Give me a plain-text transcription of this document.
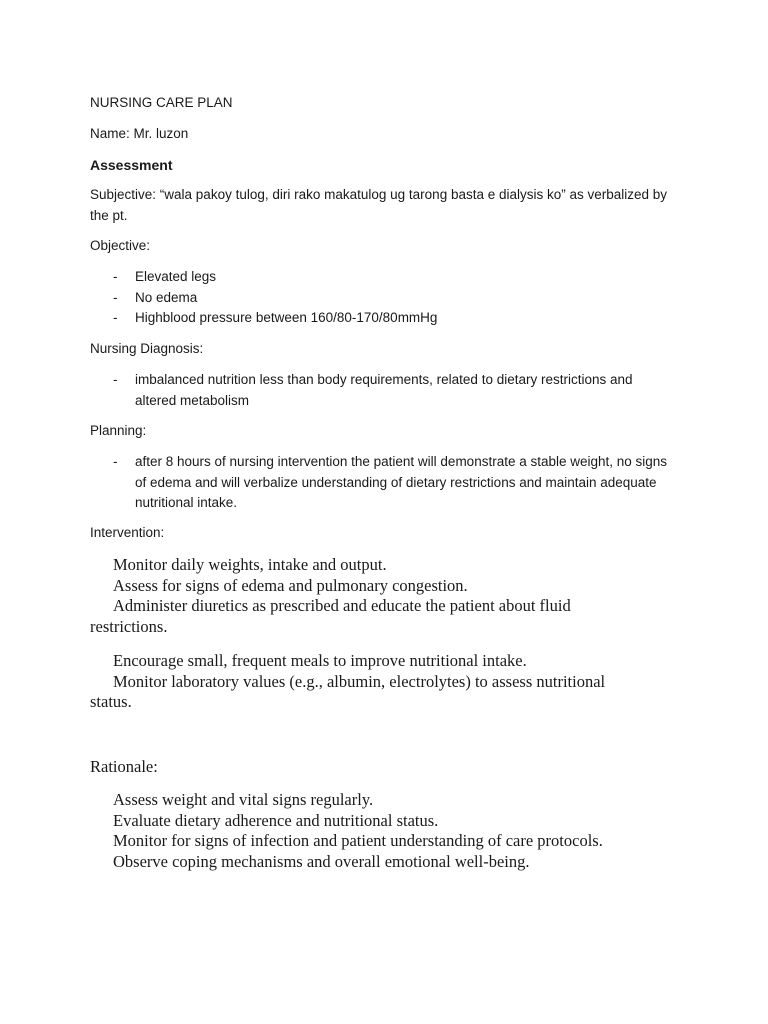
NURSING CARE PLAN

Name: Mr. luzon

Assessment

Subjective: “wala pakoy tulog, diri rako makatulog ug tarong basta e dialysis ko” as verbalized by the pt.

Objective:

- Elevated legs
- No edema
- Highblood pressure between 160/80-170/80mmHg

Nursing Diagnosis:

- imbalanced nutrition less than body requirements, related to dietary restrictions and altered metabolism

Planning:

- after 8 hours of nursing intervention the patient will demonstrate a stable weight, no signs of edema and will verbalize understanding of dietary restrictions and maintain adequate nutritional intake.

Intervention:

Monitor daily weights, intake and output.

Assess for signs of edema and pulmonary congestion.

Administer diuretics as prescribed and educate the patient about fluid restrictions.

Encourage small, frequent meals to improve nutritional intake.

Monitor laboratory values (e.g., albumin, electrolytes) to assess nutritional status.

Rationale:

Assess weight and vital signs regularly.

Evaluate dietary adherence and nutritional status.

Monitor for signs of infection and patient understanding of care protocols.

Observe coping mechanisms and overall emotional well-being.
